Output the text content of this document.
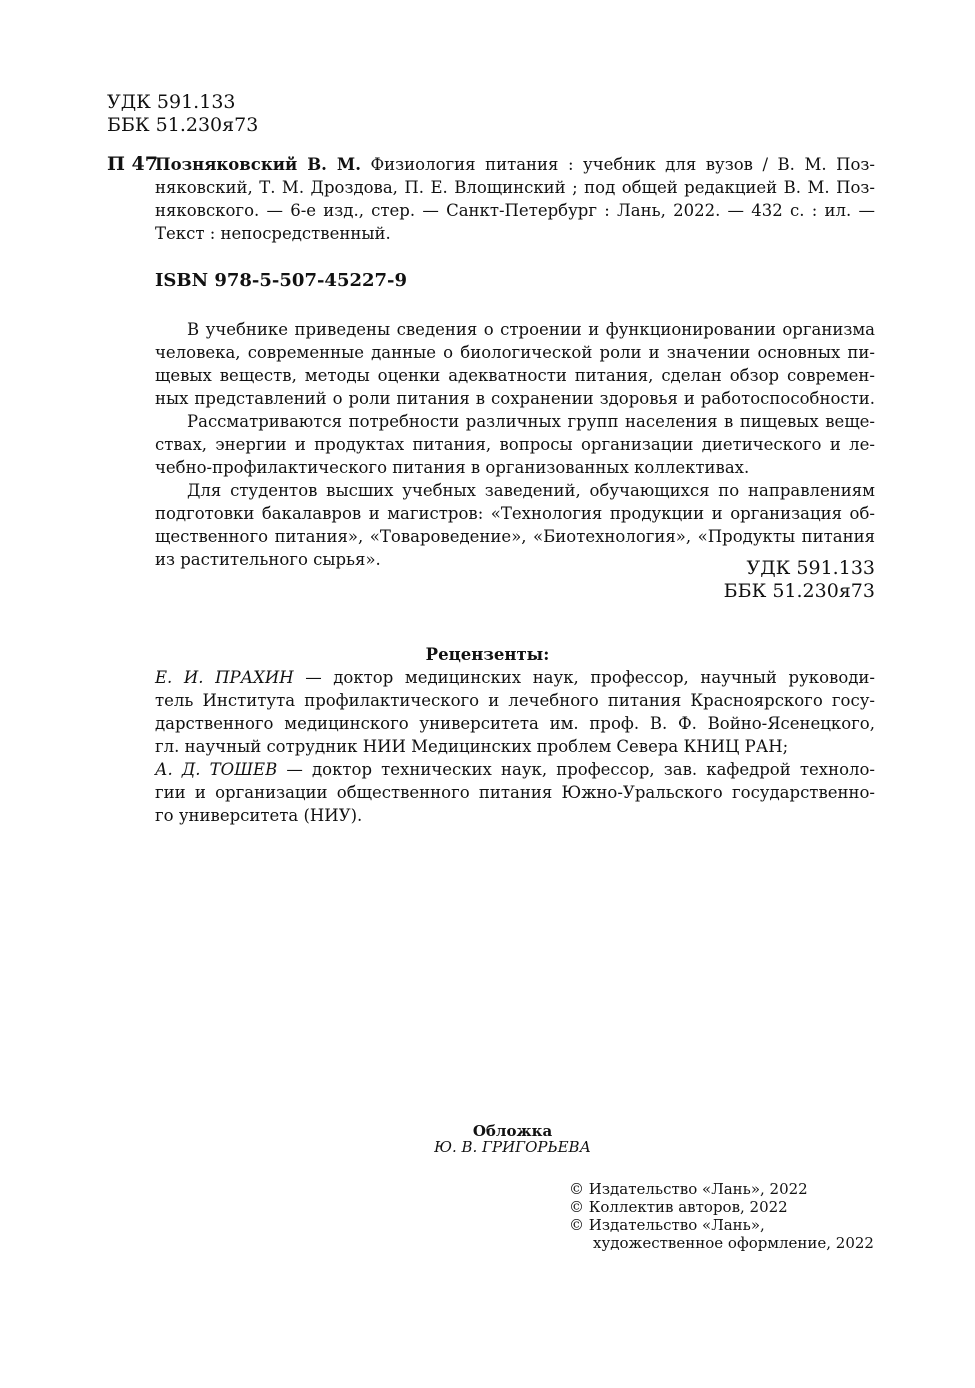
УДК 591.133
ББК 51.230я73
П 47
Позняковский В. М. Физиология питания : учебник для вузов / В. М. Поз-
няковский, Т. М. Дроздова, П. Е. Влощинский ; под общей редакцией В. М. Поз-
няковского. — 6-е изд., стер. — Санкт-Петербург : Лань, 2022. — 432 с. : ил. —
Текст : непосредственный.
ISBN 978-5-507-45227-9
В учебнике приведены сведения о строении и функционировании организма
человека, современные данные о биологической роли и значении основных пи-
щевых веществ, методы оценки адекватности питания, сделан обзор современ-
ных представлений о роли питания в сохранении здоровья и работоспособности.
Рассматриваются потребности различных групп населения в пищевых веще-
ствах, энергии и продуктах питания, вопросы организации диетического и ле-
чебно-профилактического питания в организованных коллективах.
Для студентов высших учебных заведений, обучающихся по направлениям
подготовки бакалавров и магистров: «Технология продукции и организация об-
щественного питания», «Товароведение», «Биотехнология», «Продукты питания
из растительного сырья».	УДК 591.133
ББК 51.230я73
Рецензенты:
Е. И. ПРАХИН — доктор медицинских наук, профессор, научный руководи-
тель Института профилактического и лечебного питания Красноярского госу-
дарственного медицинского университета им. проф. В. Ф. Войно-Ясенецкого,
гл. научный сотрудник НИИ Медицинских проблем Севера КНИЦ РАН;
А. Д. ТОШЕВ — доктор технических наук, профессор, зав. кафедрой техноло-
гии и организации общественного питания Южно-Уральского государственно-
го университета (НИУ).
Обложка
Ю. В. ГРИГОРЬЕВА
© Издательство «Лань», 2022
© Коллектив авторов, 2022
© Издательство «Лань»,
художественное оформление, 2022
